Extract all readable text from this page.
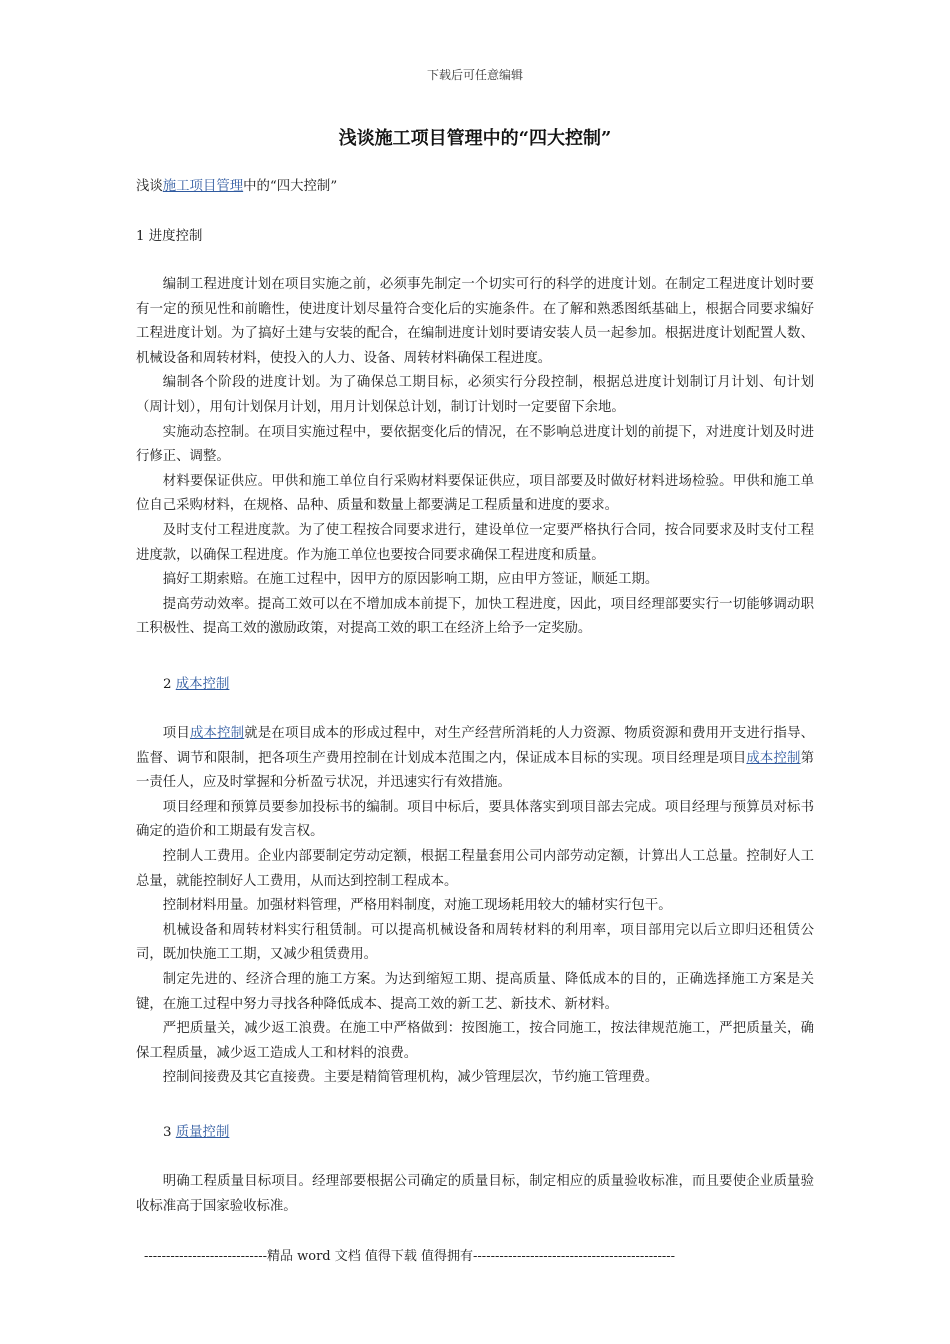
下载后可任意编辑
浅谈施工项目管理中的“四大控制”
浅谈施工项目管理中的“四大控制”
1 进度控制

编制工程进度计划在项目实施之前，必须事先制定一个切实可行的科学的进度计划。在制定工程进度计划时要有一定的预见性和前瞻性，使进度计划尽量符合变化后的实施条件。在了解和熟悉图纸基础上，根据合同要求编好工程进度计划。为了搞好土建与安装的配合，在编制进度计划时要请安装人员一起参加。根据进度计划配置人数、机械设备和周转材料，使投入的人力、设备、周转材料确保工程进度。

编制各个阶段的进度计划。为了确保总工期目标，必须实行分段控制，根据总进度计划制订月计划、旬计划（周计划），用旬计划保月计划，用月计划保总计划，制订计划时一定要留下余地。

实施动态控制。在项目实施过程中，要依据变化后的情况，在不影响总进度计划的前提下，对进度计划及时进行修正、调整。

材料要保证供应。甲供和施工单位自行采购材料要保证供应，项目部要及时做好材料进场检验。甲供和施工单位自己采购材料，在规格、品种、质量和数量上都要满足工程质量和进度的要求。

及时支付工程进度款。为了使工程按合同要求进行，建设单位一定要严格执行合同，按合同要求及时支付工程进度款，以确保工程进度。作为施工单位也要按合同要求确保工程进度和质量。

搞好工期索赔。在施工过程中，因甲方的原因影响工期，应由甲方签证，顺延工期。

提高劳动效率。提高工效可以在不增加成本前提下，加快工程进度，因此，项目经理部要实行一切能够调动职工积极性、提高工效的激励政策，对提高工效的职工在经济上给予一定奖励。

2 成本控制

项目成本控制就是在项目成本的形成过程中，对生产经营所消耗的人力资源、物质资源和费用开支进行指导、监督、调节和限制，把各项生产费用控制在计划成本范围之内，保证成本目标的实现。项目经理是项目成本控制第一责任人，应及时掌握和分析盈亏状况，并迅速实行有效措施。

项目经理和预算员要参加投标书的编制。项目中标后，要具体落实到项目部去完成。项目经理与预算员对标书确定的造价和工期最有发言权。

控制人工费用。企业内部要制定劳动定额，根据工程量套用公司内部劳动定额，计算出人工总量。控制好人工总量，就能控制好人工费用，从而达到控制工程成本。

控制材料用量。加强材料管理，严格用料制度，对施工现场耗用较大的辅材实行包干。

机械设备和周转材料实行租赁制。可以提高机械设备和周转材料的利用率，项目部用完以后立即归还租赁公司，既加快施工工期，又减少租赁费用。

制定先进的、经济合理的施工方案。为达到缩短工期、提高质量、降低成本的目的，正确选择施工方案是关键，在施工过程中努力寻找各种降低成本、提高工效的新工艺、新技术、新材料。

严把质量关，减少返工浪费。在施工中严格做到：按图施工，按合同施工，按法律规范施工，严把质量关，确保工程质量，减少返工造成人工和材料的浪费。

控制间接费及其它直接费。主要是精简管理机构，减少管理层次，节约施工管理费。

3 质量控制

明确工程质量目标项目。经理部要根据公司确定的质量目标，制定相应的质量验收标准，而且要使企业质量验收标准高于国家验收标准。

----------------------------精品 word 文档 值得下载 值得拥有----------------------------------------------
